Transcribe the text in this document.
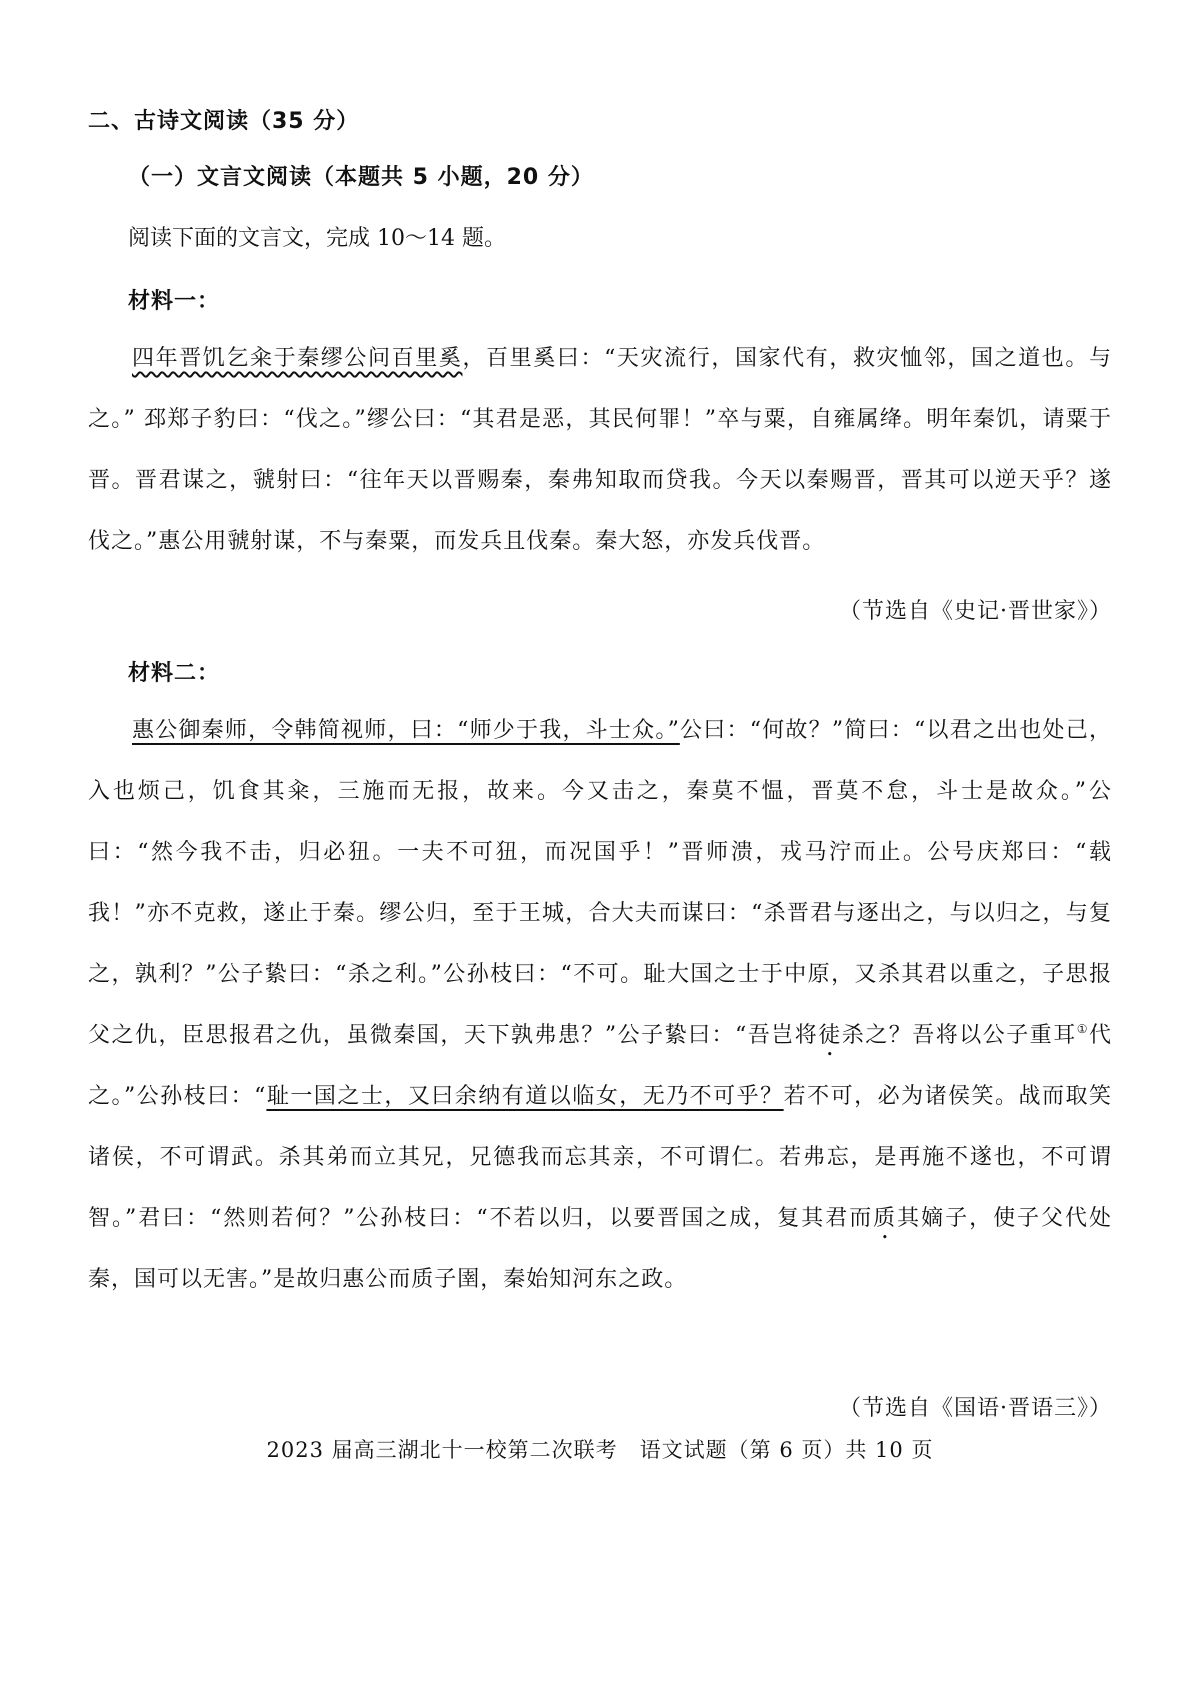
二、古诗文阅读（35 分）
（一）文言文阅读（本题共 5 小题，20 分）
阅读下面的文言文，完成 10～14 题。
材料一：
四年晋饥乞籴于秦缪公问百里奚，百里奚曰：“天灾流行，国家代有，救灾恤邻，国之道也。与之。” 邳郑子豹曰：“伐之。”缪公曰：“其君是恶，其民何罪！”卒与粟，自雍属绛。明年秦饥，请粟于晋。晋君谋之，虢射曰：“往年天以晋赐秦，秦弗知取而贷我。今天以秦赐晋，晋其可以逆天乎？遂伐之。”惠公用虢射谋，不与秦粟，而发兵且伐秦。秦大怒，亦发兵伐晋。
（节选自《史记·晋世家》）
材料二：
惠公御秦师，令韩简视师，曰：“师少于我，斗士众。”公曰：“何故？”简曰：“以君之出也处己，入也烦己，饥食其籴，三施而无报，故来。今又击之，秦莫不愠，晋莫不怠，斗士是故众。”公曰：“然今我不击，归必狃。一夫不可狃，而况国乎！”晋师溃，戎马泞而止。公号庆郑曰：“载我！”亦不克救，遂止于秦。缪公归，至于王城，合大夫而谋曰：“杀晋君与逐出之，与以归之，与复之，孰利？”公子絷曰：“杀之利。”公孙枝曰：“不可。耻大国之士于中原，又杀其君以重之，子思报父之仇，臣思报君之仇，虽微秦国，天下孰弗患？”公子絷曰：“吾岂将徒杀之？吾将以公子重耳①代之。”公孙枝曰：“耻一国之士，又曰余纳有道以临女，无乃不可乎？若不可，必为诸侯笑。战而取笑诸侯，不可谓武。杀其弟而立其兄，兄德我而忘其亲，不可谓仁。若弗忘，是再施不遂也，不可谓智。”君曰：“然则若何？”公孙枝曰：“不若以归，以要晋国之成，复其君而质其嫡子，使子父代处秦，国可以无害。”是故归惠公而质子圉，秦始知河东之政。
（节选自《国语·晋语三》）
2023 届高三湖北十一校第二次联考　语文试题（第 6 页）共 10 页
